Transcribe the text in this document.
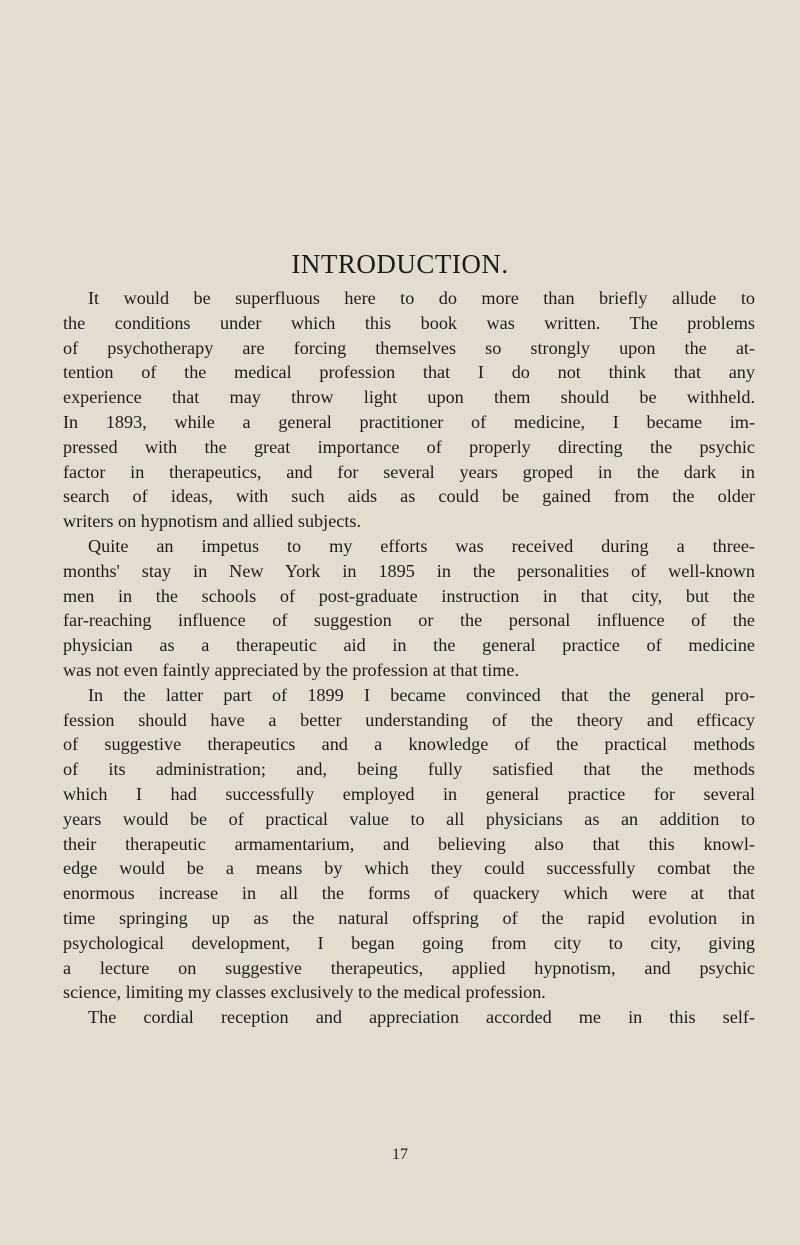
INTRODUCTION.
It would be superfluous here to do more than briefly allude to
the conditions under which this book was written. The problems
of psychotherapy are forcing themselves so strongly upon the at-
tention of the medical profession that I do not think that any
experience that may throw light upon them should be withheld.
In 1893, while a general practitioner of medicine, I became im-
pressed with the great importance of properly directing the psychic
factor in therapeutics, and for several years groped in the dark in
search of ideas, with such aids as could be gained from the older
writers on hypnotism and allied subjects.
Quite an impetus to my efforts was received during a three-
months' stay in New York in 1895 in the personalities of well-known
men in the schools of post-graduate instruction in that city, but the
far-reaching influence of suggestion or the personal influence of the
physician as a therapeutic aid in the general practice of medicine
was not even faintly appreciated by the profession at that time.
In the latter part of 1899 I became convinced that the general pro-
fession should have a better understanding of the theory and efficacy
of suggestive therapeutics and a knowledge of the practical methods
of its administration; and, being fully satisfied that the methods
which I had successfully employed in general practice for several
years would be of practical value to all physicians as an addition to
their therapeutic armamentarium, and believing also that this knowl-
edge would be a means by which they could successfully combat the
enormous increase in all the forms of quackery which were at that
time springing up as the natural offspring of the rapid evolution in
psychological development, I began going from city to city, giving
a lecture on suggestive therapeutics, applied hypnotism, and psychic
science, limiting my classes exclusively to the medical profession.
The cordial reception and appreciation accorded me in this self-
17
